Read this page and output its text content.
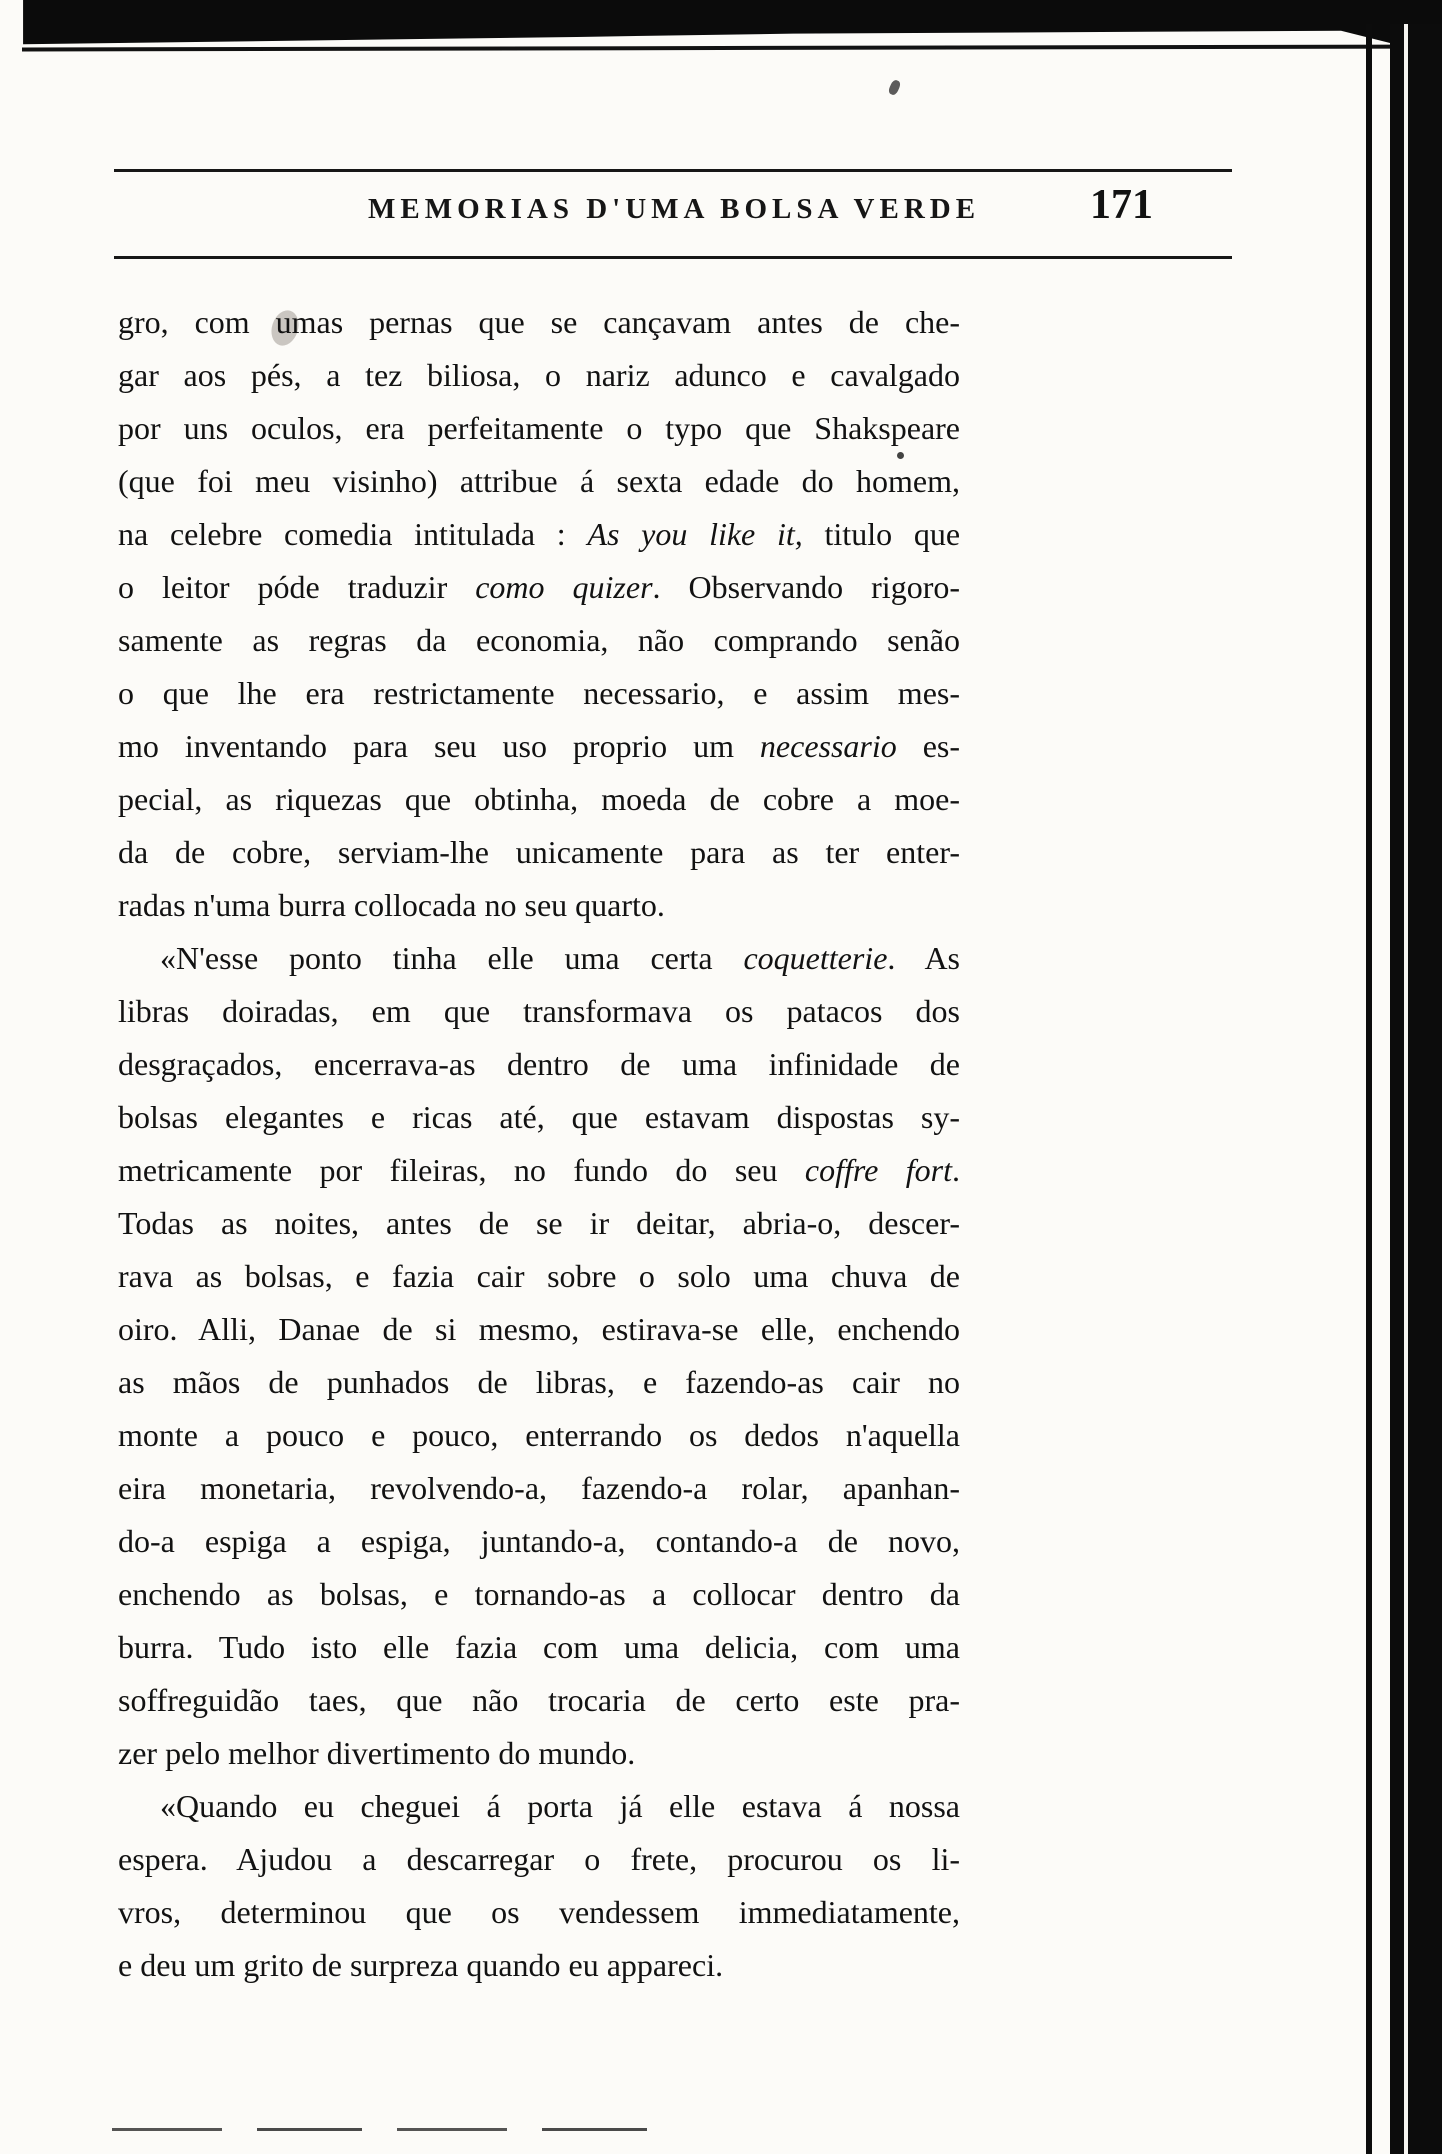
MEMORIAS D'UMA BOLSA VERDE	171
gro, com umas pernas que se cançavam antes de che-
gar aos pés, a tez biliosa, o nariz adunco e cavalgado
por uns oculos, era perfeitamente o typo que Shakspeare
(que foi meu visinho) attribue á sexta edade do homem,
na celebre comedia intitulada : As you like it, titulo que
o leitor póde traduzir como quizer. Observando rigoro-
samente as regras da economia, não comprando senão
o que lhe era restrictamente necessario, e assim mes-
mo inventando para seu uso proprio um necessario es-
pecial, as riquezas que obtinha, moeda de cobre a moe-
da de cobre, serviam-lhe unicamente para as ter enter-
radas n'uma burra collocada no seu quarto.
«N'esse ponto tinha elle uma certa coquetterie. As
libras doiradas, em que transformava os patacos dos
desgraçados, encerrava-as dentro de uma infinidade de
bolsas elegantes e ricas até, que estavam dispostas sy-
metricamente por fileiras, no fundo do seu coffre fort.
Todas as noites, antes de se ir deitar, abria-o, descer-
rava as bolsas, e fazia cair sobre o solo uma chuva de
oiro. Alli, Danae de si mesmo, estirava-se elle, enchendo
as mãos de punhados de libras, e fazendo-as cair no
monte a pouco e pouco, enterrando os dedos n'aquella
eira monetaria, revolvendo-a, fazendo-a rolar, apanhan-
do-a espiga a espiga, juntando-a, contando-a de novo,
enchendo as bolsas, e tornando-as a collocar dentro da
burra. Tudo isto elle fazia com uma delicia, com uma
soffreguidão taes, que não trocaria de certo este pra-
zer pelo melhor divertimento do mundo.
«Quando eu cheguei á porta já elle estava á nossa
espera. Ajudou a descarregar o frete, procurou os li-
vros, determinou que os vendessem immediatamente,
e deu um grito de surpreza quando eu appareci.
